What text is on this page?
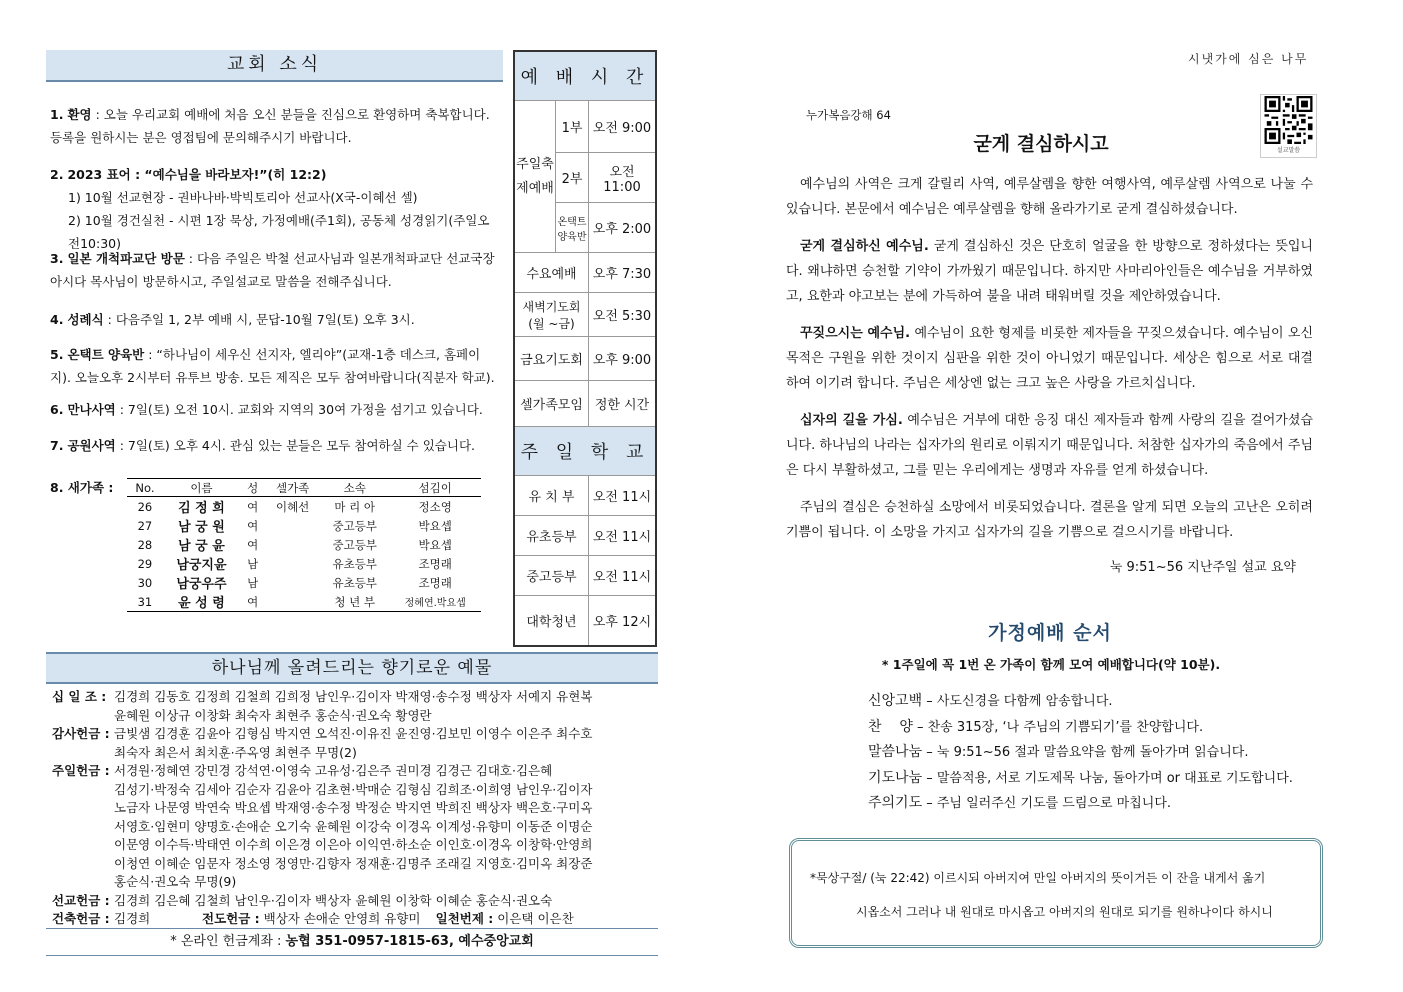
교회 소식

1. 환영 : 오늘 우리교회 예배에 처음 오신 분들을 진심으로 환영하며 축복합니다. 등록을 원하시는 분은 영접팀에 문의해주시기 바랍니다.

2. 2023 표어 : “예수님을 바라보자!”(히 12:2)

1) 10월 선교현장 - 권바나바·박빅토리아 선교사(X국-이혜선 셀)

2) 10월 경건실천 - 시편 1장 묵상, 가정예배(주1회), 공동체 성경읽기(주일오전10:30)

3. 일본 개척파교단 방문 : 다음 주일은 박철 선교사님과 일본개척파교단 선교국장 아시다 목사님이 방문하시고, 주일설교로 말씀을 전해주십니다.

4. 성례식 : 다음주일 1, 2부 예배 시, 문답-10월 7일(토) 오후 3시.

5. 온택트 양육반 : “하나님이 세우신 선지자, 엘리야”(교재-1층 데스크, 홈페이지). 오늘오후 2시부터 유투브 방송. 모든 제직은 모두 참여바랍니다(직분자 학교).

6. 만나사역 : 7일(토) 오전 10시. 교회와 지역의 30여 가정을 섬기고 있습니다.

7. 공원사역 : 7일(토) 오후 4시. 관심 있는 분들은 모두 참여하실 수 있습니다.

8. 새가족 : No.	이름	성	셀가족	소속	섬김이
26	김 정 희	여	이혜선	마 리 아	정소영
27	남 궁 원	여		중고등부	박요셉
28	남 궁 윤	여		중고등부	박요셉
29	남궁지윤	남		유초등부	조명래
30	남궁우주	남		유초등부	조명래
31	윤 성 령	여		청 년 부	정혜연.박요셉
예 배 시 간		
주일축제예배	1부	오전 9:00
	2부	오전 11:00
	온택트양육반	오후 2:00
수요예배		오후 7:30
새벽기도회(월 ~금)		오전 5:30
금요기도회		오후 9:00
셀가족모임		정한 시간
주 일 학 교		
유 치 부		오전 11시
유초등부		오전 11시
중고등부		오전 11시
대학청년		오후 12시
하나님께 올려드리는 향기로운 예물

십 일 조 : 김경희 김동호 김정희 김철희 김희정 남인우·김이자 박재영·송수정 백상자 서예지 유현복

윤혜원 이상규 이창화 최숙자 최현주 홍순식·권오숙 황영란

감사헌금 : 금빛샘 김경훈 김윤아 김형심 박지연 오석진·이유진 윤진영·김보민 이영수 이은주 최수호

최숙자 최은서 최치훈·주옥영 최현주 무명(2)

주일헌금 : 서경원·정혜연 강민경 강석연·이영숙 고유성·김은주 권미경 김경근 김대호·김은혜

김성기·박정숙 김세아 김순자 김윤아 김초현·박매순 김형심 김희조·이희영 남인우·김이자

노금자 나문영 박연숙 박요셉 박재영·송수정 박정순 박지연 박희진 백상자 백은호·구미옥

서영호·임현미 양명호·손애순 오기숙 윤혜원 이강숙 이경옥 이계성·유향미 이동준 이명순

이문영 이수득·박태연 이수희 이은경 이은아 이익연·하소순 이인호·이경옥 이창학·안영희

이청연 이혜순 임문자 정소영 정영만·김향자 정재훈·김명주 조래길 지영호·김미옥 최장준

홍순식·권오숙 무명(9)

선교헌금 : 김경희 김은혜 김철희 남인우·김이자 백상자 윤혜원 이창학 이혜순 홍순식·권오숙

건축헌금 : 김경희	전도헌금 : 백상자 손애순 안영희 유향미 일천번제 : 이은택 이은찬

* 온라인 헌금계좌 : 농협 351-0957-1815-63, 예수중앙교회
시냇가에 심은 나무
누가복음강해 64
설교말씀
굳게 결심하시고

예수님의 사역은 크게 갈릴리 사역, 예루살렘을 향한 여행사역, 예루살렘 사역으로 나눌 수 있습니다. 본문에서 예수님은 예루살렘을 향해 올라가기로 굳게 결심하셨습니다.

굳게 결심하신 예수님. 굳게 결심하신 것은 단호히 얼굴을 한 방향으로 정하셨다는 뜻입니다. 왜냐하면 승천할 기약이 가까웠기 때문입니다. 하지만 사마리아인들은 예수님을 거부하였고, 요한과 야고보는 분에 가득하여 불을 내려 태워버릴 것을 제안하였습니다.

꾸짖으시는 예수님. 예수님이 요한 형제를 비롯한 제자들을 꾸짖으셨습니다. 예수님이 오신 목적은 구원을 위한 것이지 심판을 위한 것이 아니었기 때문입니다. 세상은 힘으로 서로 대결하여 이기려 합니다. 주님은 세상엔 없는 크고 높은 사랑을 가르치십니다.

십자의 길을 가심. 예수님은 거부에 대한 응징 대신 제자들과 함께 사랑의 길을 걸어가셨습니다. 하나님의 나라는 십자가의 원리로 이뤄지기 때문입니다. 처참한 십자가의 죽음에서 주님은 다시 부활하셨고, 그를 믿는 우리에게는 생명과 자유를 얻게 하셨습니다.

주님의 결심은 승천하실 소망에서 비롯되었습니다. 결론을 알게 되면 오늘의 고난은 오히려 기쁨이 됩니다. 이 소망을 가지고 십자가의 길을 기쁨으로 걸으시기를 바랍니다.

눅 9:51~56 지난주일 설교 요약
가정예배 순서
* 1주일에 꼭 1번 온 가족이 함께 모여 예배합니다(약 10분).

신앙고백 – 사도신경을 다함께 암송합니다.

찬    양 – 찬송 315장, ‘나 주님의 기쁨되기’를 찬양합니다.

말씀나눔 – 눅 9:51~56 절과 말씀요약을 함께 돌아가며 읽습니다.

기도나눔 – 말씀적용, 서로 기도제목 나눔, 돌아가며 or 대표로 기도합니다.

주의기도 – 주님 일러주신 기도를 드림으로 마칩니다.

*묵상구절/ (눅 22:42) 이르시되 아버지여 만일 아버지의 뜻이거든 이 잔을 내게서 옮기
시옵소서 그러나 내 원대로 마시옵고 아버지의 원대로 되기를 원하나이다 하시니
